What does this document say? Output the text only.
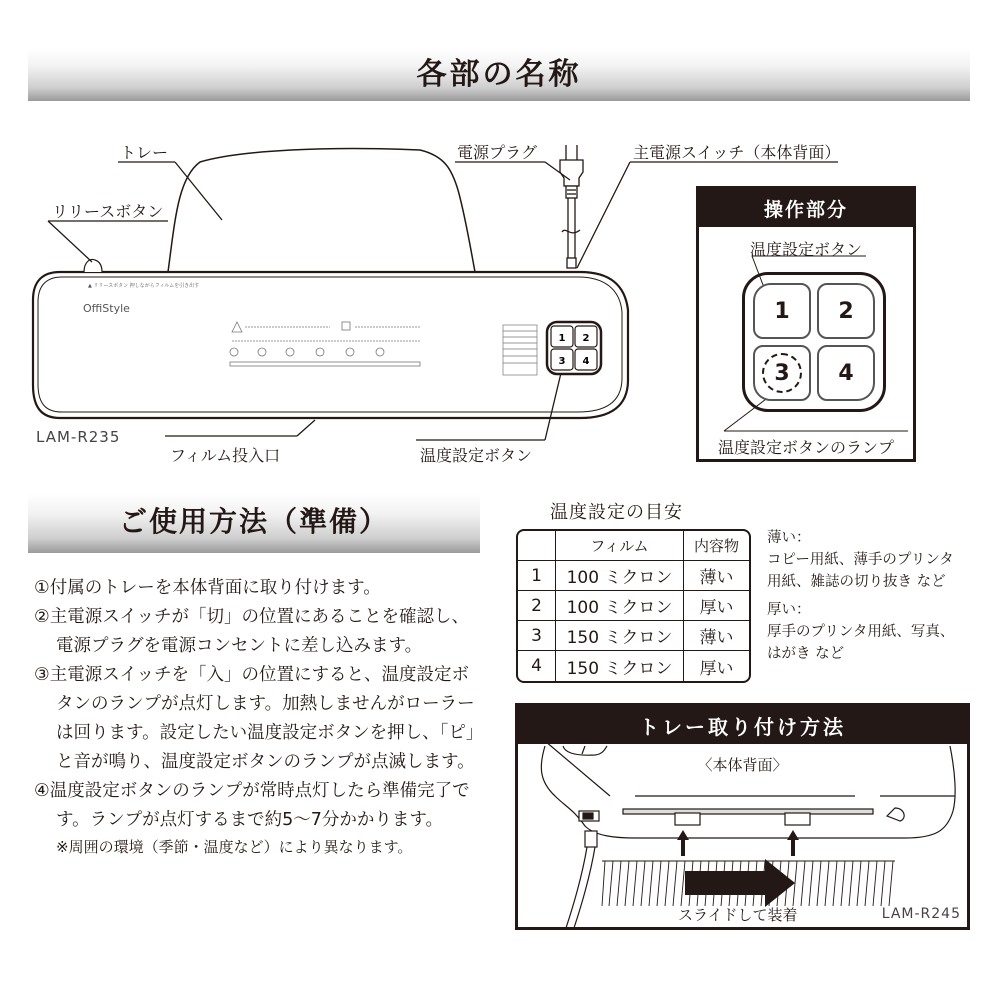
各部の名称
▲ リリースボタン 押しながらフィルムを引き出す
1 2
3 4
トレー
リリースボタン
電源プラグ	主電源スイッチ（本体背面）
フィルム投入口	温度設定ボタン
OffiStyle
LAM-R235
操作部分
温度設定ボタン
1	2
3	4
温度設定ボタンのランプ
ご使用方法（準備）
①付属のトレーを本体背面に取り付けます。
②主電源スイッチが「切」の位置にあることを確認し、電源プラグを電源コンセントに差し込みます。
③主電源スイッチを「入」の位置にすると、温度設定ボタンのランプが点灯します。加熱しませんがローラーは回ります。設定したい温度設定ボタンを押し、「ピ」と音が鳴り、温度設定ボタンのランプが点滅します。
④温度設定ボタンのランプが常時点灯したら準備完了です。ランプが点灯するまで約5〜7分かかります。
※周囲の環境（季節・温度など）により異なります。
温度設定の目安
	フィルム	内容物
1	100 ミクロン	薄い
2	100 ミクロン	厚い
3	150 ミクロン	薄い
4	150 ミクロン	厚い
薄い：
コピー用紙、薄手のプリンタ
用紙、雑誌の切り抜き など
厚い：
厚手のプリンタ用紙、写真、
はがき など
トレー取り付け方法
〈本体背面〉
スライドして装着	LAM-R245
